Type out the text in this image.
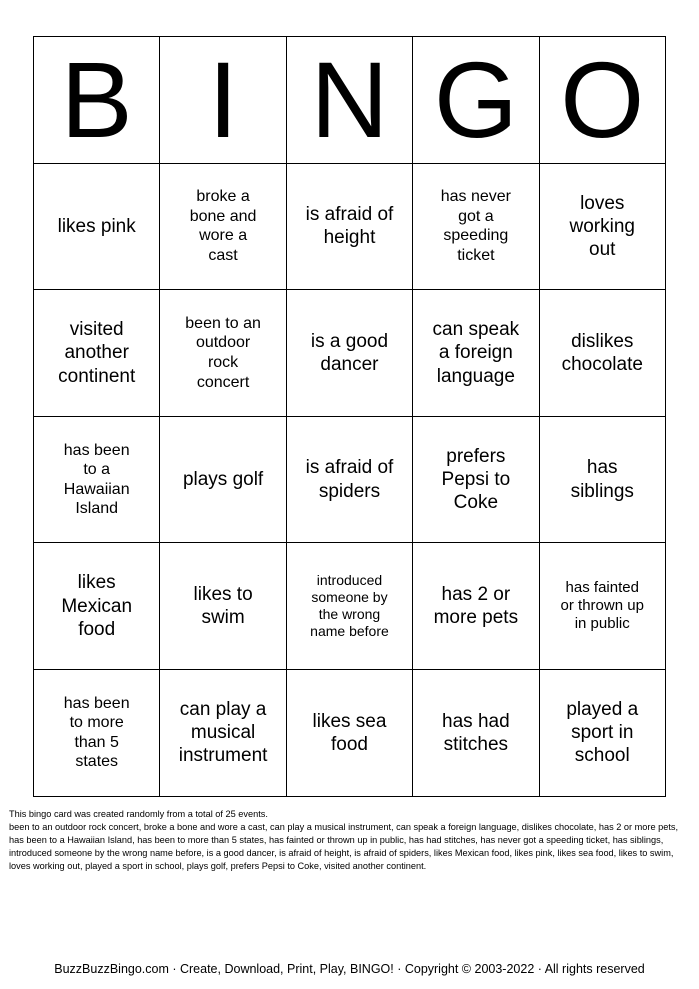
B I N G O
likes pink
broke a bone and wore a cast
is afraid of height
has never got a speeding ticket
loves working out
visited another continent
been to an outdoor rock concert
is a good dancer
can speak a foreign language
dislikes chocolate
has been to a Hawaiian Island
plays golf
is afraid of spiders
prefers Pepsi to Coke
has siblings
likes Mexican food
likes to swim
introduced someone by the wrong name before
has 2 or more pets
has fainted or thrown up in public
has been to more than 5 states
can play a musical instrument
likes sea food
has had stitches
played a sport in school

This bingo card was created randomly from a total of 25 events.

been to an outdoor rock concert, broke a bone and wore a cast, can play a musical instrument, can speak a foreign language, dislikes chocolate, has 2 or more pets, has been to a Hawaiian Island, has been to more than 5 states, has fainted or thrown up in public, has had stitches, has never got a speeding ticket, has siblings, introduced someone by the wrong name before, is a good dancer, is afraid of height, is afraid of spiders, likes Mexican food, likes pink, likes sea food, likes to swim, loves working out, played a sport in school, plays golf, prefers Pepsi to Coke, visited another continent.

BuzzBuzzBingo.com · Create, Download, Print, Play, BINGO! · Copyright © 2003-2022 · All rights reserved
